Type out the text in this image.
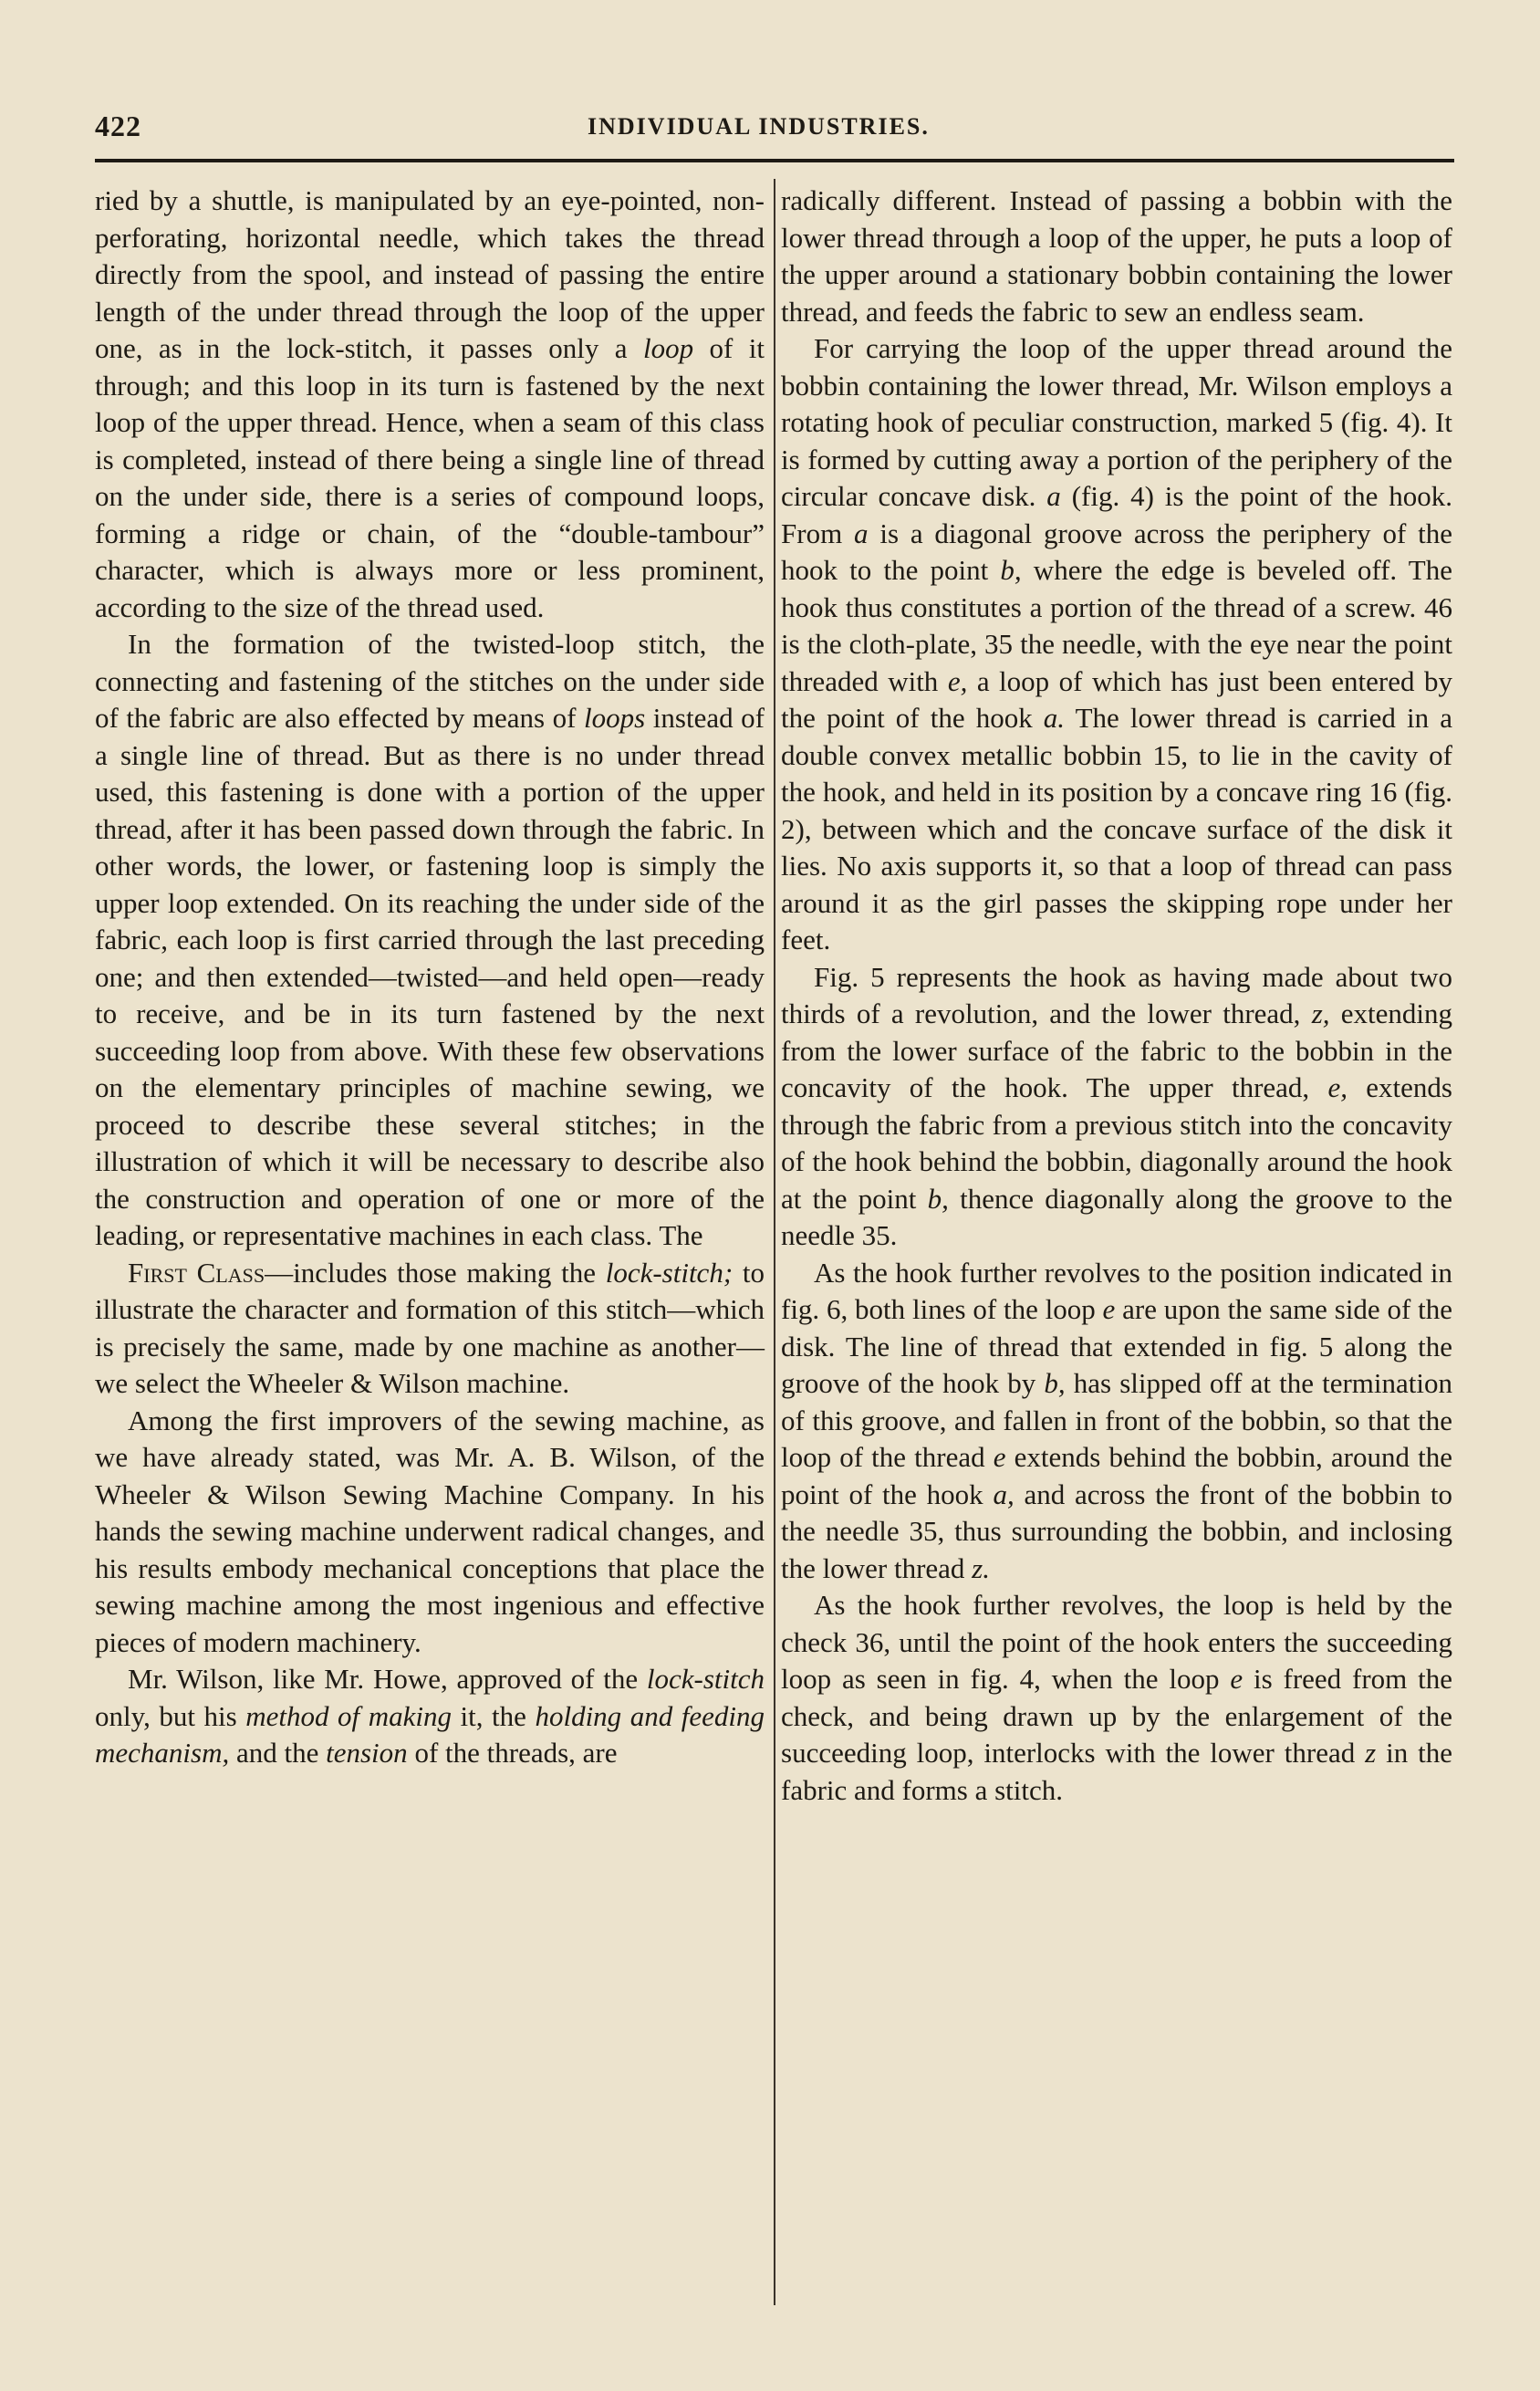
422	INDIVIDUAL INDUSTRIES.

ried by a shuttle, is manipulated by an eye-pointed, non-perforating, horizontal needle, which takes the thread directly from the spool, and instead of passing the entire length of the under thread through the loop of the upper one, as in the lock-stitch, it passes only a loop of it through; and this loop in its turn is fastened by the next loop of the upper thread. Hence, when a seam of this class is completed, instead of there being a single line of thread on the under side, there is a series of compound loops, forming a ridge or chain, of the “double-tambour” character, which is always more or less prominent, according to the size of the thread used.

In the formation of the twisted-loop stitch, the connecting and fastening of the stitches on the under side of the fabric are also effected by means of loops instead of a single line of thread. But as there is no under thread used, this fastening is done with a portion of the upper thread, after it has been passed down through the fabric. In other words, the lower, or fastening loop is simply the upper loop extended. On its reaching the under side of the fabric, each loop is first carried through the last preceding one; and then extended—twisted—and held open—ready to receive, and be in its turn fastened by the next succeeding loop from above. With these few observations on the elementary principles of machine sewing, we proceed to describe these several stitches; in the illustration of which it will be necessary to describe also the construction and operation of one or more of the leading, or representative machines in each class. The

First Class—includes those making the lock-stitch; to illustrate the character and formation of this stitch—which is precisely the same, made by one machine as another—we select the Wheeler & Wilson machine.

Among the first improvers of the sewing machine, as we have already stated, was Mr. A. B. Wilson, of the Wheeler & Wilson Sewing Machine Company. In his hands the sewing machine underwent radical changes, and his results embody mechanical conceptions that place the sewing machine among the most ingenious and effective pieces of modern machinery.

Mr. Wilson, like Mr. Howe, approved of the lock-stitch only, but his method of making it, the holding and feeding mechanism, and the tension of the threads, are

radically different. Instead of passing a bobbin with the lower thread through a loop of the upper, he puts a loop of the upper around a stationary bobbin containing the lower thread, and feeds the fabric to sew an endless seam.

For carrying the loop of the upper thread around the bobbin containing the lower thread, Mr. Wilson employs a rotating hook of peculiar construction, marked 5 (fig. 4). It is formed by cutting away a portion of the periphery of the circular concave disk. a (fig. 4) is the point of the hook. From a is a diagonal groove across the periphery of the hook to the point b, where the edge is beveled off. The hook thus constitutes a portion of the thread of a screw. 46 is the cloth-plate, 35 the needle, with the eye near the point threaded with e, a loop of which has just been entered by the point of the hook a. The lower thread is carried in a double convex metallic bobbin 15, to lie in the cavity of the hook, and held in its position by a concave ring 16 (fig. 2), between which and the concave surface of the disk it lies. No axis supports it, so that a loop of thread can pass around it as the girl passes the skipping rope under her feet.

Fig. 5 represents the hook as having made about two thirds of a revolution, and the lower thread, z, extending from the lower surface of the fabric to the bobbin in the concavity of the hook. The upper thread, e, extends through the fabric from a previous stitch into the concavity of the hook behind the bobbin, diagonally around the hook at the point b, thence diagonally along the groove to the needle 35.

As the hook further revolves to the position indicated in fig. 6, both lines of the loop e are upon the same side of the disk. The line of thread that extended in fig. 5 along the groove of the hook by b, has slipped off at the termination of this groove, and fallen in front of the bobbin, so that the loop of the thread e extends behind the bobbin, around the point of the hook a, and across the front of the bobbin to the needle 35, thus surrounding the bobbin, and inclosing the lower thread z.

As the hook further revolves, the loop is held by the check 36, until the point of the hook enters the succeeding loop as seen in fig. 4, when the loop e is freed from the check, and being drawn up by the enlargement of the succeeding loop, interlocks with the lower thread z in the fabric and forms a stitch.
